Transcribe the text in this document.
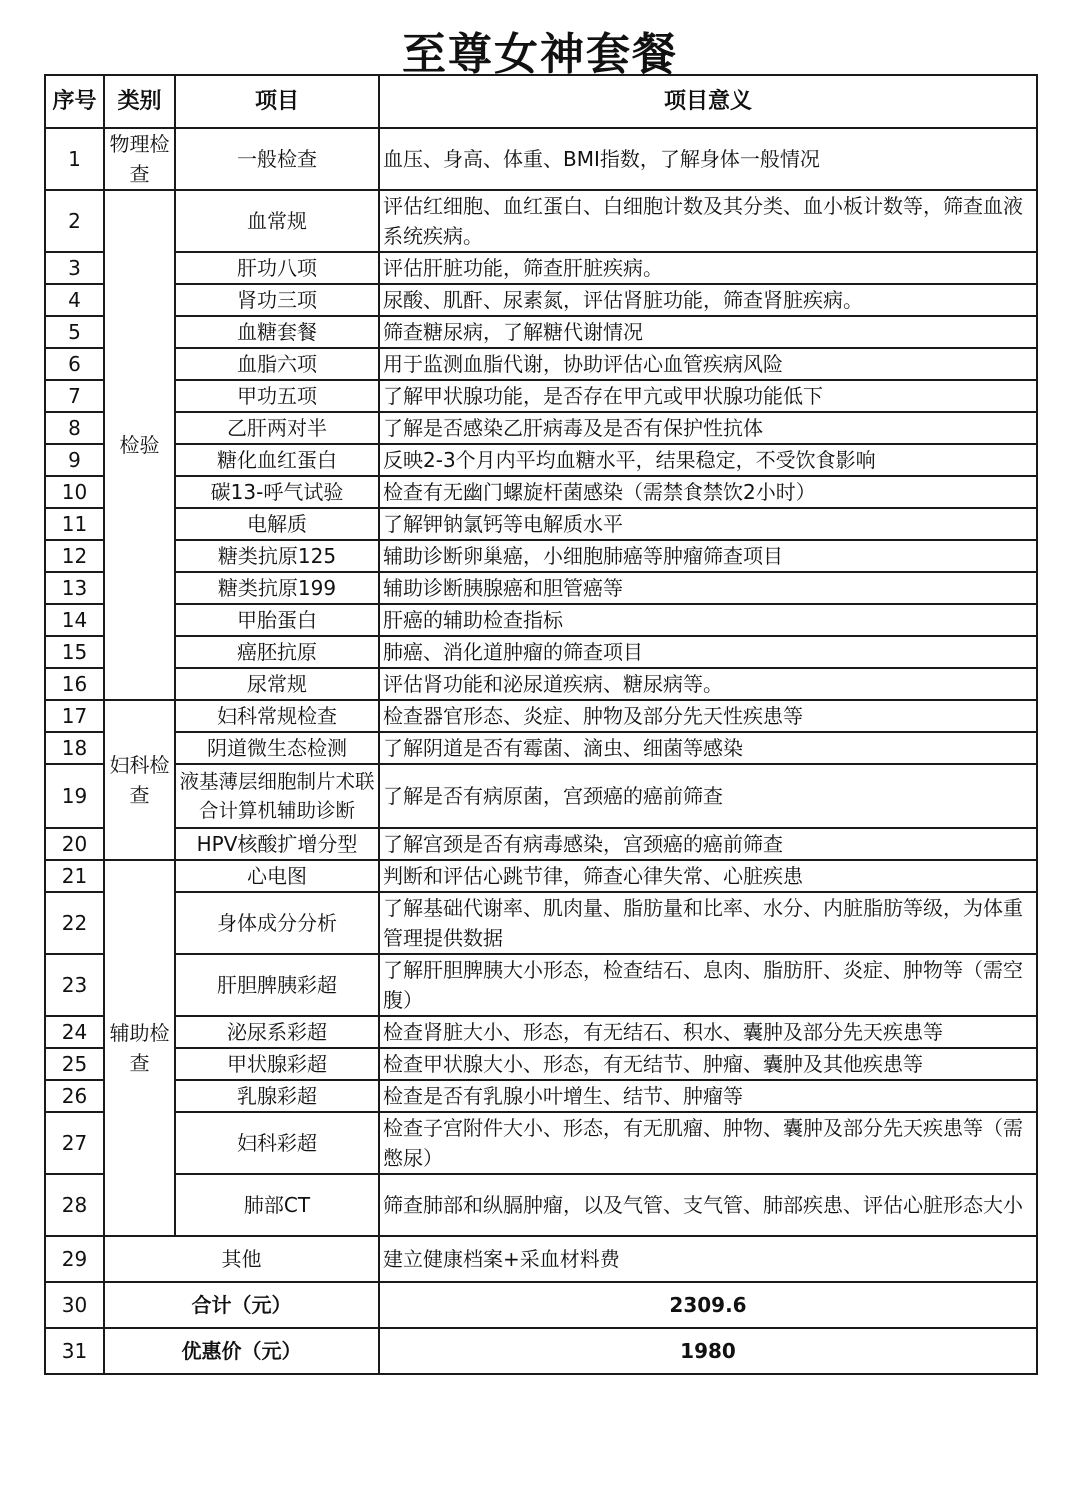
至尊女神套餐
序号	类别	项目	项目意义
1	物理检查	一般检查	血压、身高、体重、BMI指数，了解身体一般情况
2	检验	血常规	评估红细胞、血红蛋白、白细胞计数及其分类、血小板计数等，筛查血液系统疾病。
3		肝功八项	评估肝脏功能，筛查肝脏疾病。
4		肾功三项	尿酸、肌酐、尿素氮，评估肾脏功能，筛查肾脏疾病。
5		血糖套餐	筛查糖尿病，了解糖代谢情况
6		血脂六项	用于监测血脂代谢，协助评估心血管疾病风险
7		甲功五项	了解甲状腺功能，是否存在甲亢或甲状腺功能低下
8		乙肝两对半	了解是否感染乙肝病毒及是否有保护性抗体
9		糖化血红蛋白	反映2-3个月内平均血糖水平，结果稳定，不受饮食影响
10		碳13-呼气试验	检查有无幽门螺旋杆菌感染（需禁食禁饮2小时）
11		电解质	了解钾钠氯钙等电解质水平
12		糖类抗原125	辅助诊断卵巢癌，小细胞肺癌等肿瘤筛查项目
13		糖类抗原199	辅助诊断胰腺癌和胆管癌等
14		甲胎蛋白	肝癌的辅助检查指标
15		癌胚抗原	肺癌、消化道肿瘤的筛查项目
16		尿常规	评估肾功能和泌尿道疾病、糖尿病等。
17	妇科检查	妇科常规检查	检查器官形态、炎症、肿物及部分先天性疾患等
18		阴道微生态检测	了解阴道是否有霉菌、滴虫、细菌等感染
19		液基薄层细胞制片术联合计算机辅助诊断	了解是否有病原菌，宫颈癌的癌前筛查
20		HPV核酸扩增分型	了解宫颈是否有病毒感染，宫颈癌的癌前筛查
21	辅助检查	心电图	判断和评估心跳节律，筛查心律失常、心脏疾患
22		身体成分分析	了解基础代谢率、肌肉量、脂肪量和比率、水分、内脏脂肪等级，为体重管理提供数据
23		肝胆脾胰彩超	了解肝胆脾胰大小形态，检查结石、息肉、脂肪肝、炎症、肿物等（需空腹）
24		泌尿系彩超	检查肾脏大小、形态，有无结石、积水、囊肿及部分先天疾患等
25		甲状腺彩超	检查甲状腺大小、形态，有无结节、肿瘤、囊肿及其他疾患等
26		乳腺彩超	检查是否有乳腺小叶增生、结节、肿瘤等
27		妇科彩超	检查子宫附件大小、形态，有无肌瘤、肿物、囊肿及部分先天疾患等（需憋尿）
28		肺部CT	筛查肺部和纵膈肿瘤，以及气管、支气管、肺部疾患、评估心脏形态大小
29	其他		建立健康档案+采血材料费
30	合计（元）		2309.6
31	优惠价（元）		1980
